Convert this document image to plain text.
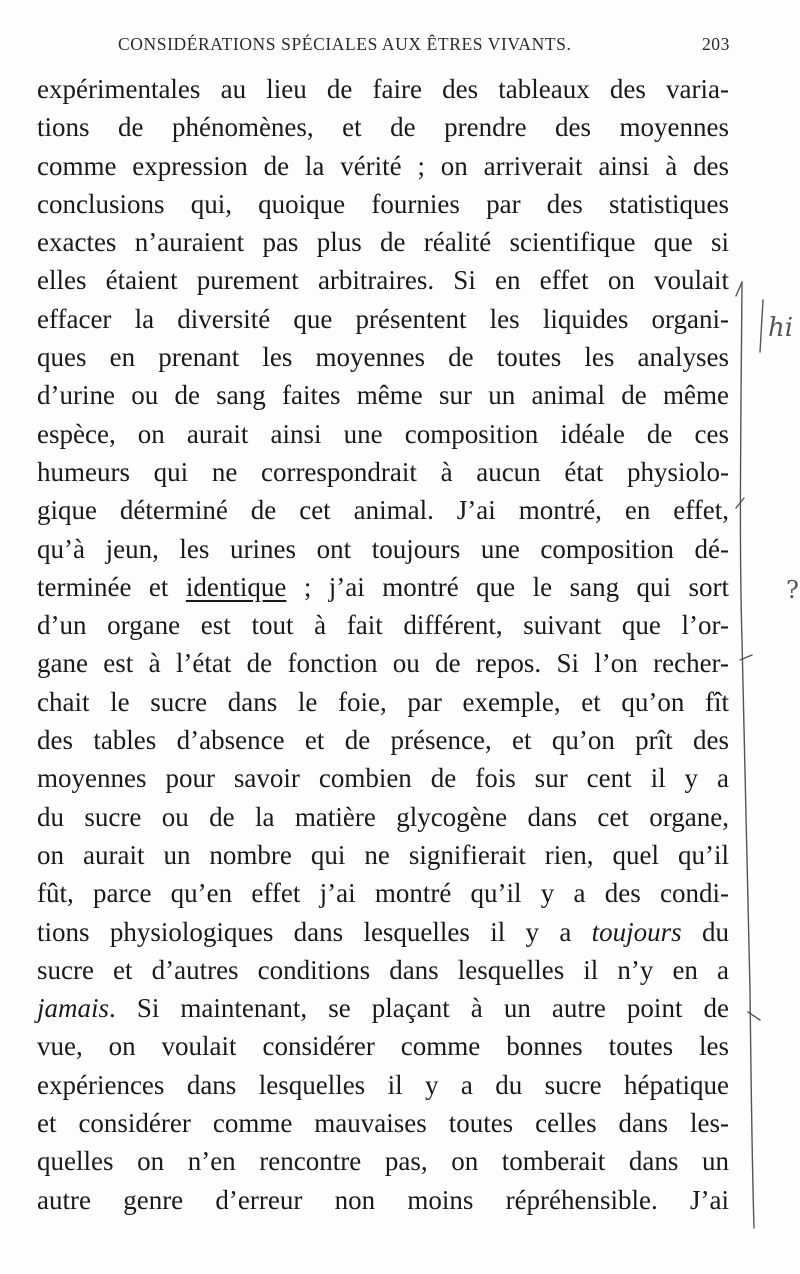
CONSIDÉRATIONS SPÉCIALES AUX ÊTRES VIVANTS.	203
expérimentales au lieu de faire des tableaux des varia-
tions de phénomènes, et de prendre des moyennes
comme expression de la vérité ; on arriverait ainsi à des
conclusions qui, quoique fournies par des statistiques
exactes n’auraient pas plus de réalité scientifique que si
elles étaient purement arbitraires. Si en effet on voulait
effacer la diversité que présentent les liquides organi-
ques en prenant les moyennes de toutes les analyses
d’urine ou de sang faites même sur un animal de même
espèce, on aurait ainsi une composition idéale de ces
humeurs qui ne correspondrait à aucun état physiolo-
gique déterminé de cet animal. J’ai montré, en effet,
qu’à jeun, les urines ont toujours une composition dé-
terminée et identique ; j’ai montré que le sang qui sort
d’un organe est tout à fait différent, suivant que l’or-
gane est à l’état de fonction ou de repos. Si l’on recher-
chait le sucre dans le foie, par exemple, et qu’on fît
des tables d’absence et de présence, et qu’on prît des
moyennes pour savoir combien de fois sur cent il y a
du sucre ou de la matière glycogène dans cet organe,
on aurait un nombre qui ne signifierait rien, quel qu’il
fût, parce qu’en effet j’ai montré qu’il y a des condi-
tions physiologiques dans lesquelles il y a toujours du
sucre et d’autres conditions dans lesquelles il n’y en a
jamais. Si maintenant, se plaçant à un autre point de
vue, on voulait considérer comme bonnes toutes les
expériences dans lesquelles il y a du sucre hépatique
et considérer comme mauvaises toutes celles dans les-
quelles on n’en rencontre pas, on tomberait dans un
autre genre d’erreur non moins répréhensible. J’ai
hi
?
